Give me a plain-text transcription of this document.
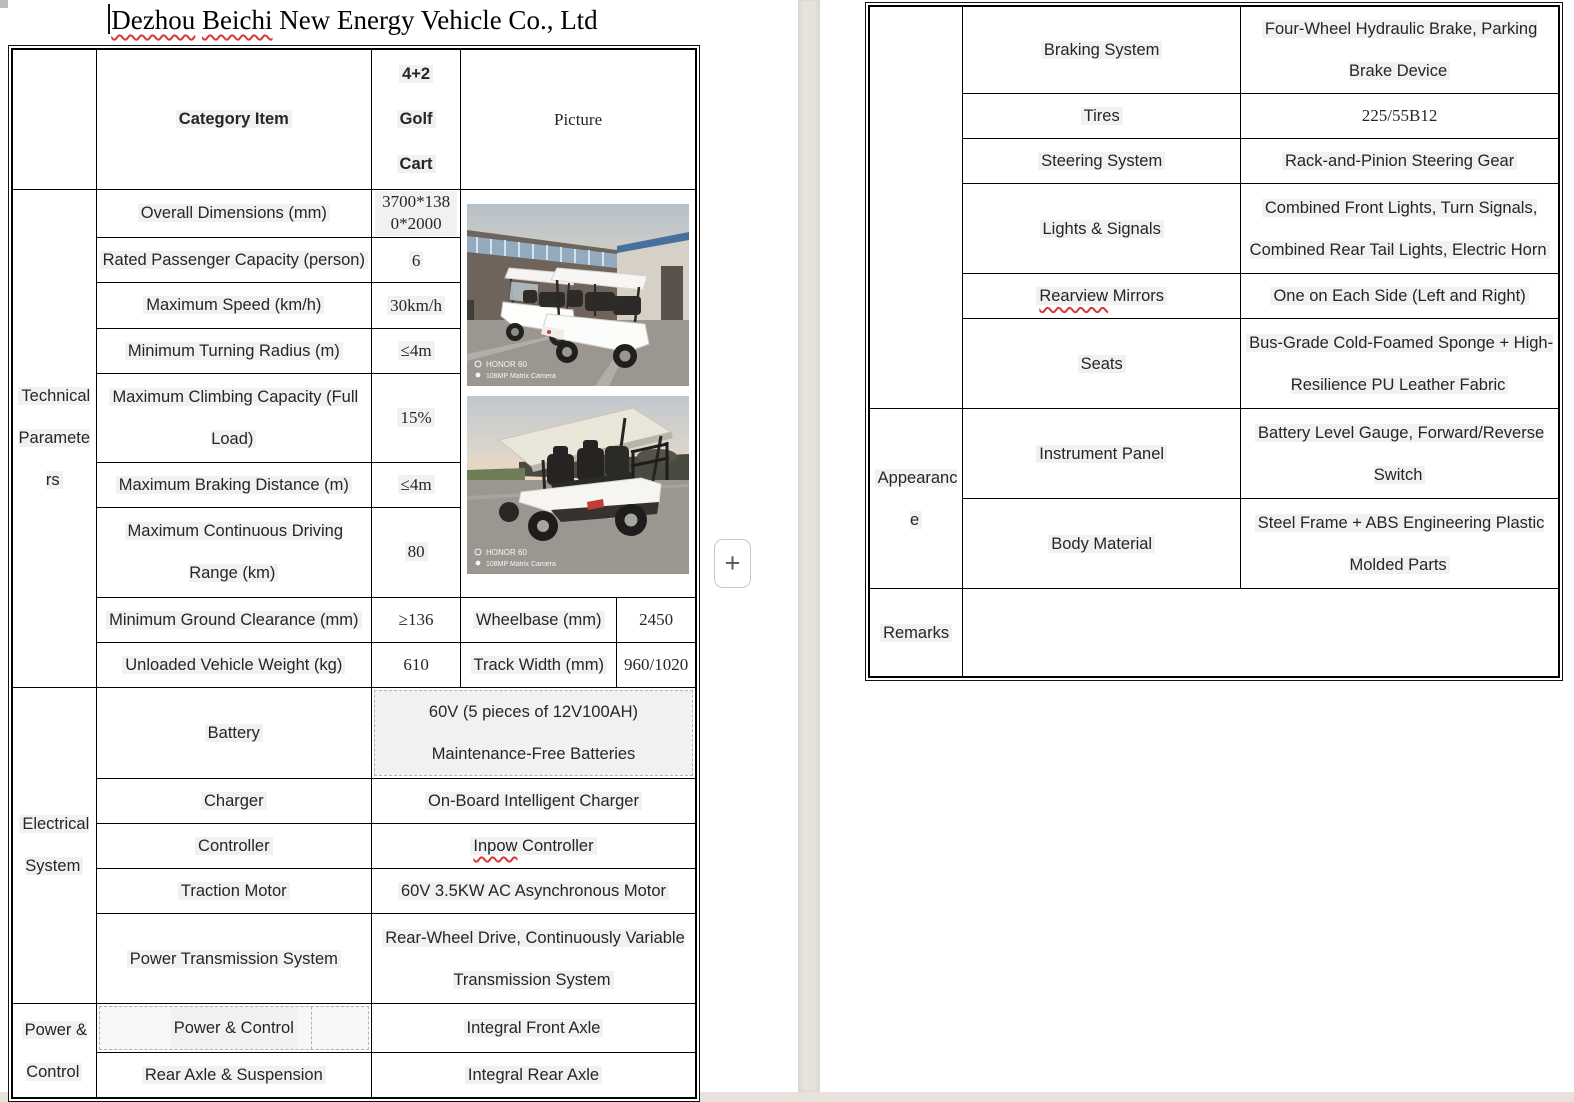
Dezhou Beichi New Energy Vehicle Co., Ltd
	Category Item	4+2
Golf
Cart	Picture	
Technical Parameters	Overall Dimensions (mm)	3700*1380*2000	HONOR 60
108MP Matrix Camera
HONOR 60
108MP Matrix Camera	

	Rated Passenger Capacity (person)	6		
	Maximum Speed (km/h)	30km/h		
	Minimum Turning Radius (m)	≤4m		
	Maximum Climbing Capacity (Full Load)	15%		
	Maximum Braking Distance (m)	≤4m		
	Maximum Continuous Driving Range (km)	80		
	Minimum Ground Clearance (mm)	≥136	Wheelbase (mm)	2450
	Unloaded Vehicle Weight (kg)	610	Track Width (mm)	960/1020
Electrical System	Battery	60V (5 pieces of 12V100AH) Maintenance-Free Batteries		

	Charger	On-Board Intelligent Charger		
	Controller	Inpow Controller		
	Traction Motor	60V 3.5KW AC Asynchronous Motor		
	Power Transmission System	Rear-Wheel Drive, Continuously Variable Transmission System		
Power & Control	Power & Control	Integral Front Axle		
	Rear Axle & Suspension	Integral Rear Axle		
+
	Braking System	Four-Wheel Hydraulic Brake, Parking Brake Device
	Tires	225/55B12
	Steering System	Rack-and-Pinion Steering Gear
	Lights & Signals	Combined Front Lights, Turn Signals, Combined Rear Tail Lights, Electric Horn
	Rearview Mirrors	One on Each Side (Left and Right)
	Seats	Bus-Grade Cold-Foamed Sponge + High-Resilience PU Leather Fabric
Appearance	Instrument Panel	Battery Level Gauge, Forward/Reverse Switch
	Body Material	Steel Frame + ABS Engineering Plastic Molded Parts
Remarks		
